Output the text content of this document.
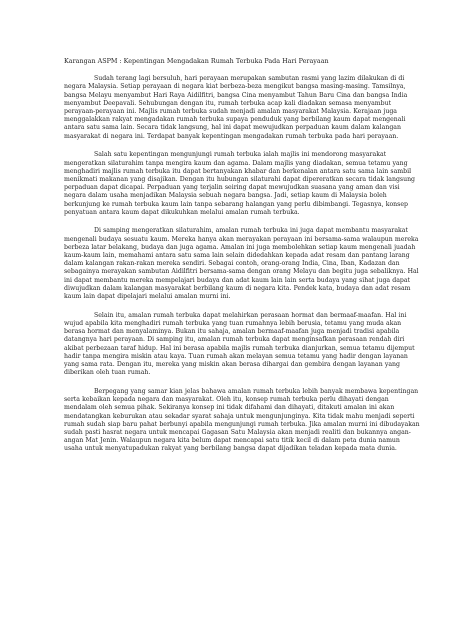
Karangan ASPM : Kepentingan Mengadakan Rumah Terbuka Pada Hari Perayaan

Sudah terang lagi bersuluh, hari perayaan merupakan sambutan rasmi yang lazim dilakukan di di negara Malaysia. Setiap perayaan di negara kiat berbeza-beza mengikut bangsa masing-masing. Tamsilnya, bangsa Melayu menyambut Hari Raya Aidilfitri, bangsa Cina menyambut Tahun Baru Cina dan bangsa India menyambut Deepavali. Sehubungan dengan itu, rumah terbuka acap kali diadakan semasa menyambut perayaan-perayaan ini. Majlis rumah terbuka sudah menjadi amalan masyarakat Malaysia. Kerajaan juga menggalakkan rakyat mengadakan rumah terbuka supaya penduduk yang berbilang kaum dapat mengenali antara satu sama lain. Secara tidak langsung, hal ini dapat mewujudkan perpaduan kaum dalam kalangan masyarakat di negara ini. Terdapat banyak kepentingan mengadakan rumah terbuka pada hari perayaan.

Salah satu kepentingan mengunjungi rumah terbuka ialah majlis ini mendorong masyarakat mengeratkan silaturahim tanpa mengira kaum dan agama. Dalam majlis yang diadakan, semua tetamu yang menghadiri majlis rumah terbuka itu dapat bertanyakan khabar dan berkenalan antara satu sama lain sambil menikmati makanan yang disajikan. Dengan itu hubungan silaturahi dapat dipereratkan secara tidak langsung perpaduan dapat dicapai. Perpaduan yang terjalin seiring dapat mewujudkan suasana yang aman dan visi negara dalam usaha menjadikan Malaysia sebuah negara bangsa. Jadi, setiap kaum di Malaysia boleh berkunjung ke rumah terbuka kaum lain tanpa sebarang halangan yang perlu dibimbangi. Tegasnya, konsep penyatuan antara kaum dapat dikukuhkan melalui amalan rumah terbuka.

Di samping mengeratkan silaturahim, amalan rumah terbuka ini juga dapat membantu masyarakat mengenali budaya sesuatu kaum. Mereka hanya akan merayakan perayaan ini bersama-sama walaupun mereka berbeza latar belakang, budaya dan juga agama. Amalan ini juga membolehkan setiap kaum mengenali juadah kaum-kaum lain, memahami antara satu sama lain selain didedahkan kepada adat resam dan pantang larang dalam kalangan rakan-rakan mereka sendiri. Sebagai contoh, orang-orang India, Cina, Iban, Kadazan dan sebagainya merayakan sambutan Aidilfitri bersama-sama dengan orang Melayu dan begitu juga sebaliknya. Hal ini dapat membantu mereka mempelajari budaya dan adat kaum lain lain serta budaya yang sihat juga dapat diwujudkan dalam kalangan masyarakat berbilang kaum di negara kita. Pendek kata, budaya dan adat resam kaum lain dapat dipelajari melalui amalan murni ini.

Selain itu, amalan rumah terbuka dapat melahirkan perasaan hormat dan bermaaf-maafan. Hal ini wujud apabila kita menghadiri rumah terbuka yang tuan rumahnya lebih berusia, tetamu yang muda akan berasa hormat dan menyalaminya. Bukan itu sahaja, amalan bermaaf-maafan juga menjadi tradisi apabila datangnya hari perayaan. Di samping itu, amalan rumah terbuka dapat menginsafkan perasaan rendah diri akibat perbezaan taraf hidup. Hal ini berasa apabila majlis rumah terbuka dianjurkan, semua tetamu dijemput hadir tanpa mengira miskin atau kaya. Tuan rumah akan melayan semua tetamu yang hadir dengan layanan yang sama rata. Dengan itu, mereka yang miskin akan berasa dihargai dan gembira dengan layanan yang diberikan oleh tuan rumah.

Berpegang yang samar kian jelas bahawa amalan rumah terbuka lebih banyak membawa kepentingan serta kebaikan kepada negara dan masyarakat. Oleh itu, konsep rumah terbuka perlu dihayati dengan mendalam oleh semua pihak. Sekiranya konsep ini tidak difahami dan dihayati, ditakuti amalan ini akan mendatangkan keburukan atau sekadar syarat sahaja untuk mengunjunginya. Kita tidak mahu menjadi seperti rumah sudah siap baru pahat berbunyi apabila mengunjungi rumah terbuka. Jika amalan murni ini dibudayakan sudah pasti hasrat negara untuk mencapai Gagasan Satu Malaysia akan menjadi realiti dan bukannya angan-angan Mat Jenin. Walaupun negara kita belum dapat mencapai satu titik kecil di dalam peta dunia namun usaha untuk menyatupadukan rakyat yang berbilang bangsa dapat dijadikan teladan kepada mata dunia.
